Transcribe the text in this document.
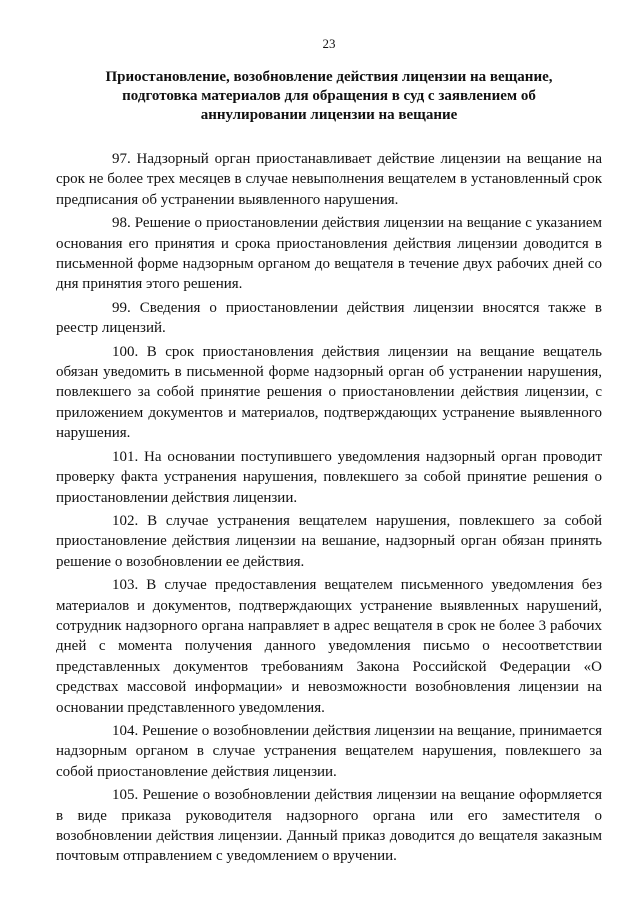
23
Приостановление, возобновление действия лицензии на вещание,
подготовка материалов для обращения в суд с заявлением об
аннулировании лицензии на вещание

97. Надзорный орган приостанавливает действие лицензии на вещание на срок не более трех месяцев в случае невыполнения вещателем в установленный срок предписания об устранении выявленного нарушения.

98. Решение о приостановлении действия лицензии на вещание с указанием основания его принятия и срока приостановления действия лицензии доводится в письменной форме надзорным органом до вещателя в течение двух рабочих дней со дня принятия этого решения.

99. Сведения о приостановлении действия лицензии вносятся также в реестр лицензий.

100. В срок приостановления действия лицензии на вещание вещатель обязан уведомить в письменной форме надзорный орган об устранении нарушения, повлекшего за собой принятие решения о приостановлении действия лицензии, с приложением документов и материалов, подтверждающих устранение выявленного нарушения.

101. На основании поступившего уведомления надзорный орган проводит проверку факта устранения нарушения, повлекшего за собой принятие решения о приостановлении действия лицензии.

102. В случае устранения вещателем нарушения, повлекшего за собой приостановление действия лицензии на вешание, надзорный орган обязан принять решение о возобновлении ее действия.

103. В случае предоставления вещателем письменного уведомления без материалов и документов, подтверждающих устранение выявленных нарушений, сотрудник надзорного органа направляет в адрес вещателя в срок не более 3 рабочих дней с момента получения данного уведомления письмо о несоответствии представленных документов требованиям Закона Российской Федерации «О средствах массовой информации» и невозможности возобновления лицензии на основании представленного уведомления.

104. Решение о возобновлении действия лицензии на вещание, принимается надзорным органом в случае устранения вещателем нарушения, повлекшего за собой приостановление действия лицензии.

105. Решение о возобновлении действия лицензии на вещание оформляется в виде приказа руководителя надзорного органа или его заместителя о возобновлении действия лицензии. Данный приказ доводится до вещателя заказным почтовым отправлением с уведомлением о вручении.
